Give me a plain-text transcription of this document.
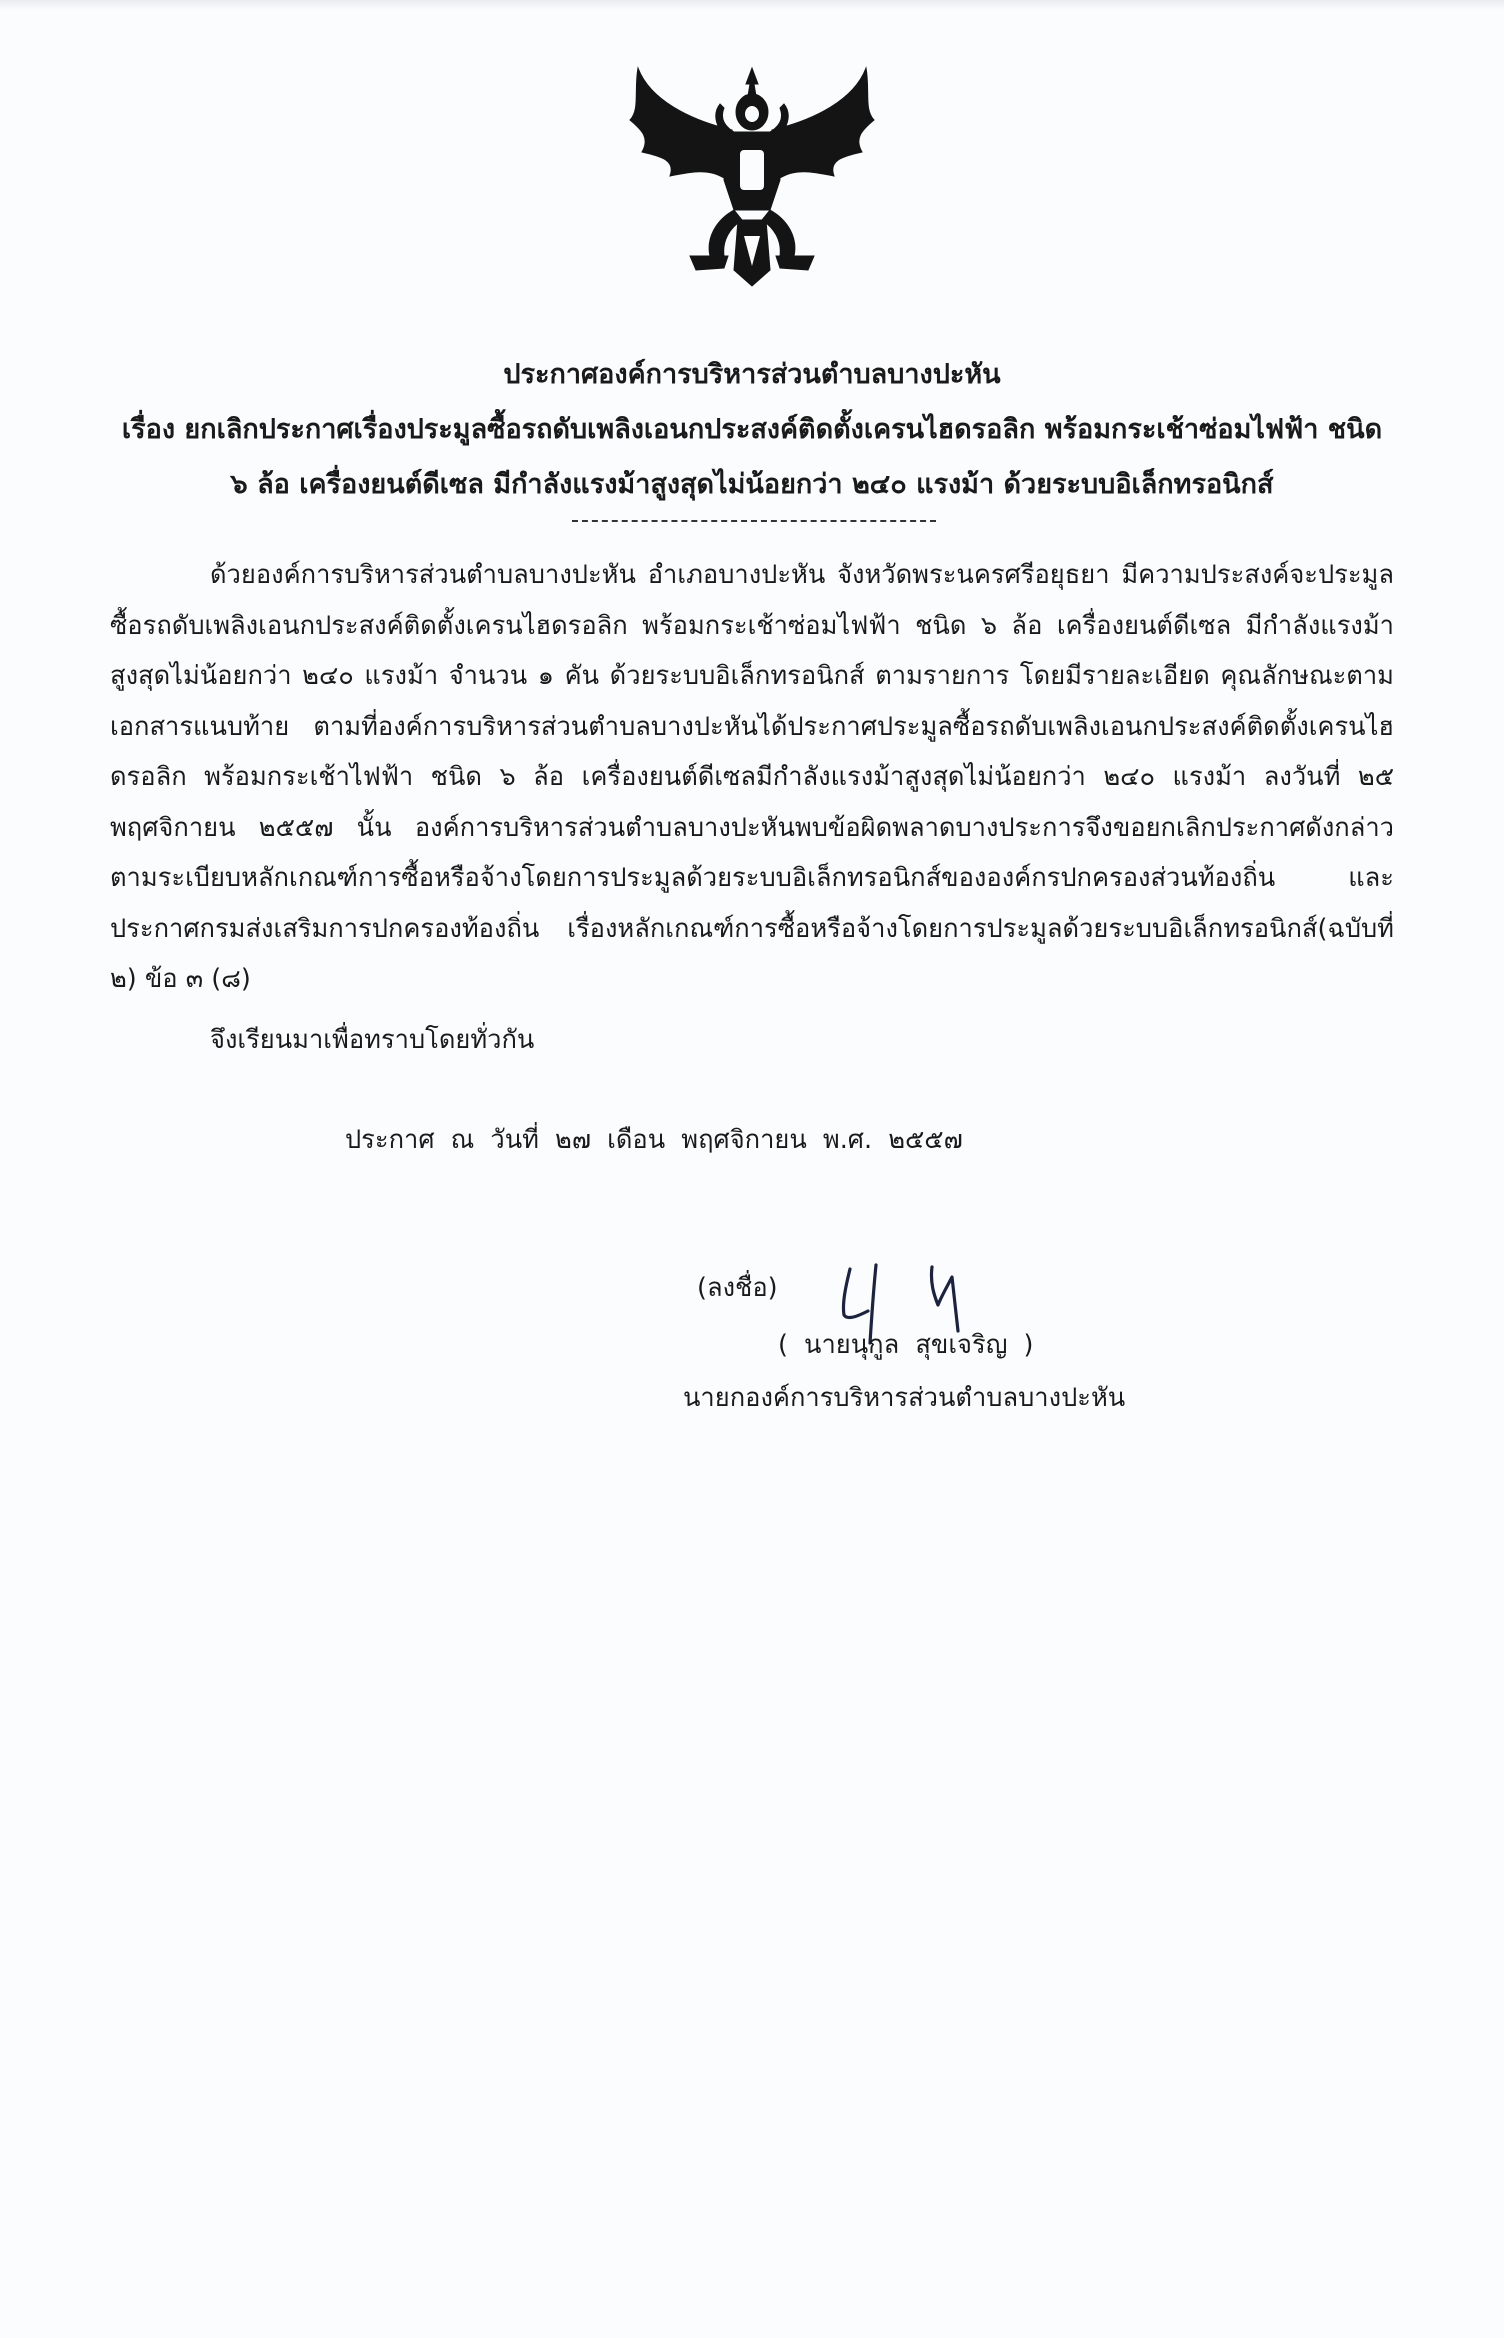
ประกาศองค์การบริหารส่วนตำบลบางปะหัน
เรื่อง ยกเลิกประกาศเรื่องประมูลซื้อรถดับเพลิงเอนกประสงค์ติดตั้งเครนไฮดรอลิก พร้อมกระเช้าซ่อมไฟฟ้า ชนิด
๖ ล้อ เครื่องยนต์ดีเซล มีกำลังแรงม้าสูงสุดไม่น้อยกว่า ๒๔๐ แรงม้า ด้วยระบบอิเล็กทรอนิกส์

ด้วยองค์การบริหารส่วนตำบลบางปะหัน อำเภอบางปะหัน จังหวัดพระนครศรีอยุธยา มีความประสงค์จะประมูลซื้อรถดับเพลิงเอนกประสงค์ติดตั้งเครนไฮดรอลิก พร้อมกระเช้าซ่อมไฟฟ้า ชนิด ๖ ล้อ เครื่องยนต์ดีเซล มีกำลังแรงม้าสูงสุดไม่น้อยกว่า ๒๔๐ แรงม้า จำนวน ๑ คัน ด้วยระบบอิเล็กทรอนิกส์ ตามรายการ โดยมีรายละเอียด คุณลักษณะตามเอกสารแนบท้าย ตามที่องค์การบริหารส่วนตำบลบางปะหันได้ประกาศประมูลซื้อรถดับเพลิงเอนกประสงค์ติดตั้งเครนไฮดรอลิก พร้อมกระเช้าไฟฟ้า ชนิด ๖ ล้อ เครื่องยนต์ดีเซลมีกำลังแรงม้าสูงสุดไม่น้อยกว่า ๒๔๐ แรงม้า ลงวันที่ ๒๕ พฤศจิกายน ๒๕๕๗ นั้น องค์การบริหารส่วนตำบลบางปะหันพบข้อผิดพลาดบางประการจึงขอยกเลิกประกาศดังกล่าว ตามระเบียบหลักเกณฑ์การซื้อหรือจ้างโดยการประมูลด้วยระบบอิเล็กทรอนิกส์ขององค์กรปกครองส่วนท้องถิ่น และประกาศกรมส่งเสริมการปกครองท้องถิ่น เรื่องหลักเกณฑ์การซื้อหรือจ้างโดยการประมูลด้วยระบบอิเล็กทรอนิกส์(ฉบับที่ ๒) ข้อ ๓ (๘)

จึงเรียนมาเพื่อทราบโดยทั่วกัน
ประกาศ ณ วันที่ ๒๗ เดือน พฤศจิกายน พ.ศ. ๒๕๕๗
(ลงชื่อ)
( นายนุกูล สุขเจริญ )
นายกองค์การบริหารส่วนตำบลบางปะหัน
